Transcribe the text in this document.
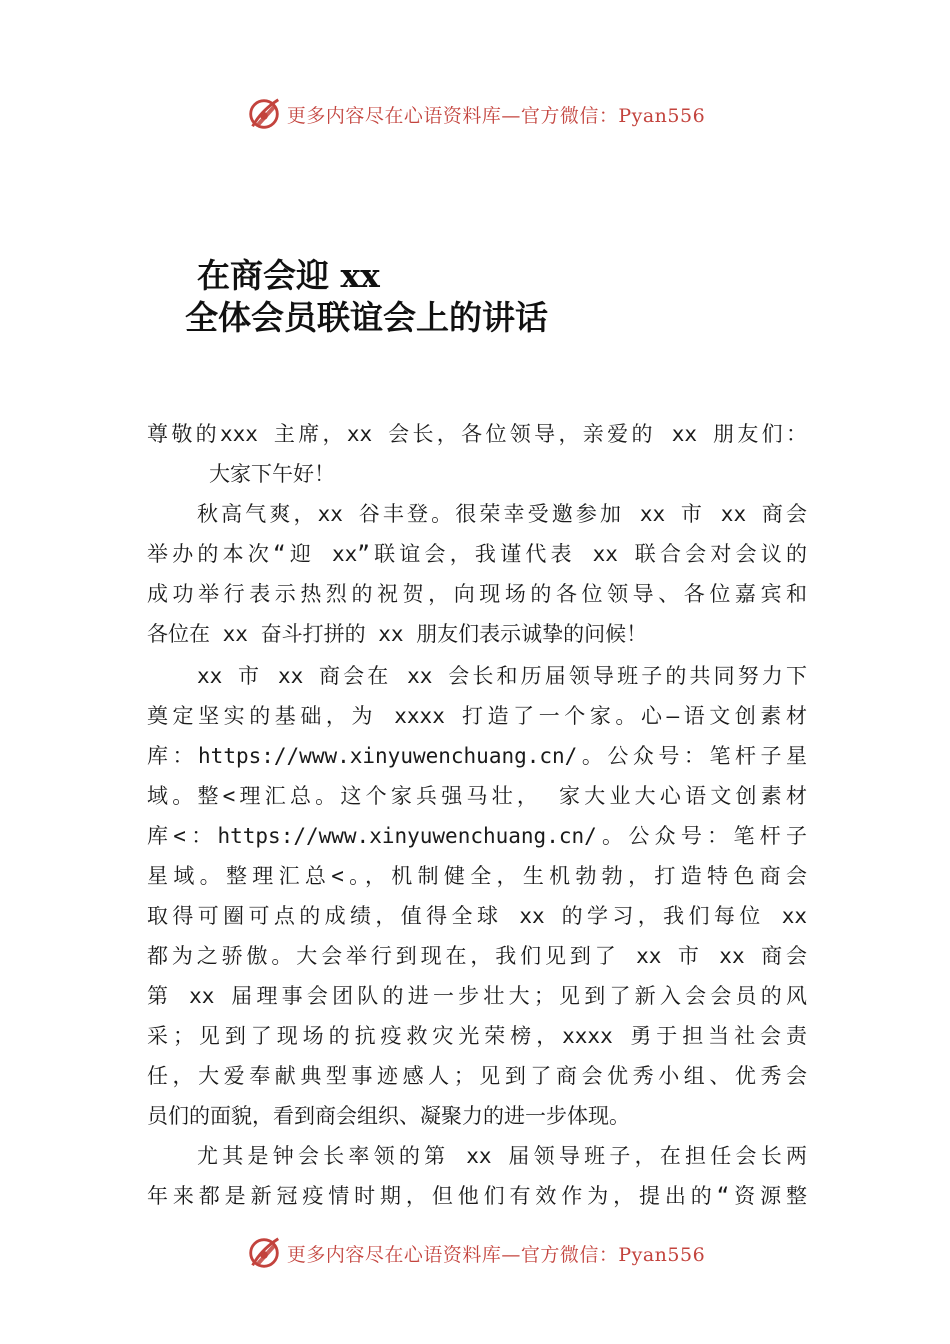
更多内容尽在心语资料库—官方微信：Pyan556
在商会迎 xx
全体会员联谊会上的讲话
尊敬的xxx 主席，xx 会长，各位领导，亲爱的 xx 朋友们：
大家下午好！
秋高气爽，xx 谷丰登。很荣幸受邀参加 xx 市 xx 商会
举办的本次“迎 xx”联谊会，我谨代表 xx 联合会对会议的
成功举行表示热烈的祝贺，向现场的各位领导、各位嘉宾和
各位在 xx 奋斗打拼的 xx 朋友们表示诚挚的问候！
xx 市 xx 商会在 xx 会长和历届领导班子的共同努力下
奠定坚实的基础，为 xxxx 打造了一个家。心—语文创素材
库：https://www.xinyuwenchuang.cn/。公众号：笔杆子星
域。整<理汇总。这个家兵强马壮， 家大业大心语文创素材
库<：https://www.xinyuwenchuang.cn/。公众号：笔杆子
星域。整理汇总<。，机制健全，生机勃勃，打造特色商会
取得可圈可点的成绩，值得全球 xx 的学习，我们每位 xx
都为之骄傲。大会举行到现在，我们见到了 xx 市 xx 商会
第 xx 届理事会团队的进一步壮大；见到了新入会会员的风
采；见到了现场的抗疫救灾光荣榜，xxxx 勇于担当社会责
任，大爱奉献典型事迹感人；见到了商会优秀小组、优秀会
员们的面貌，看到商会组织、凝聚力的进一步体现。
尤其是钟会长率领的第 xx 届领导班子，在担任会长两
年来都是新冠疫情时期，但他们有效作为，提出的“资源整
更多内容尽在心语资料库—官方微信：Pyan556
